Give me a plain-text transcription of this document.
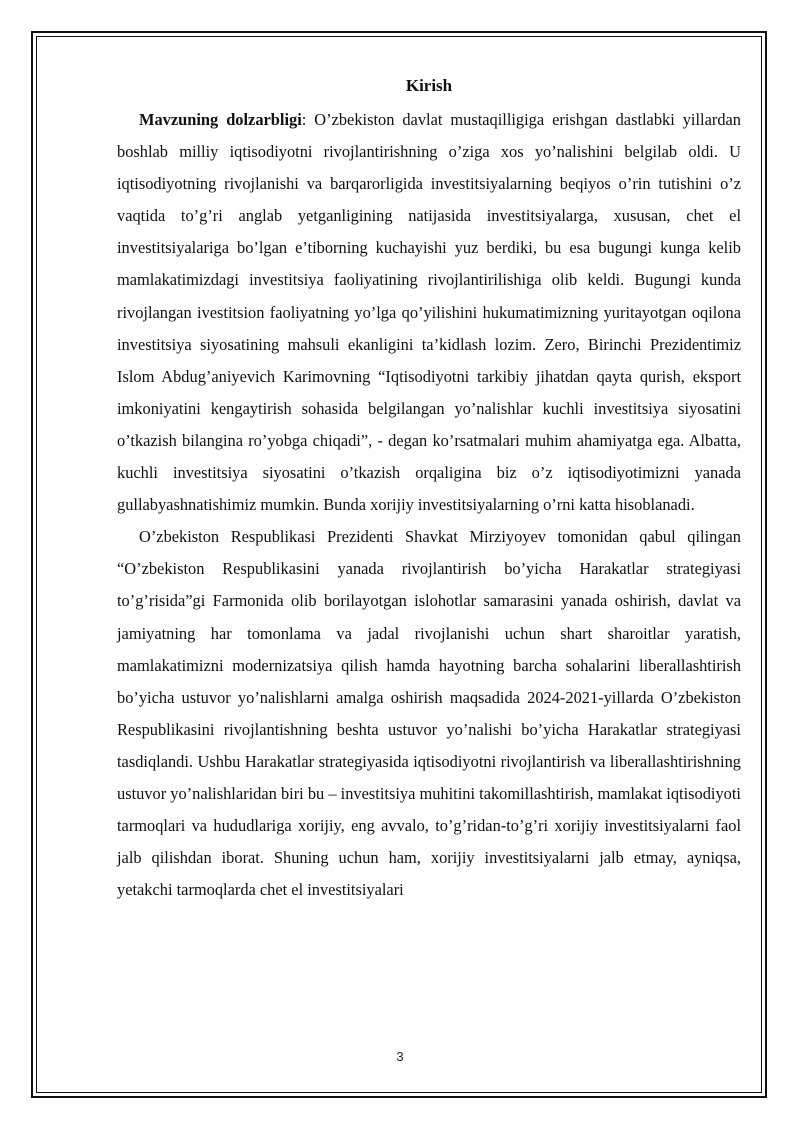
Kirish

Mavzuning dolzarbligi: O’zbekiston davlat mustaqilligiga erishgan dastlabki yillardan boshlab milliy iqtisodiyotni rivojlantirishning o’ziga xos yo’nalishini belgilab oldi. U iqtisodiyotning rivojlanishi va barqarorligida investitsiyalarning beqiyos o’rin tutishini o’z vaqtida to’g’ri anglab yetganligining natijasida investitsiyalarga, xususan, chet el investitsiyalariga bo’lgan e’tiborning kuchayishi yuz berdiki, bu esa bugungi kunga kelib mamlakatimizdagi investitsiya faoliyatining rivojlantirilishiga olib keldi. Bugungi kunda rivojlangan ivestitsion faoliyatning yo’lga qo’yilishini hukumatimizning yuritayotgan oqilona investitsiya siyosatining mahsuli ekanligini ta’kidlash lozim. Zero, Birinchi Prezidentimiz Islom Abdug’aniyevich Karimovning “Iqtisodiyotni tarkibiy jihatdan qayta qurish, eksport imkoniyatini kengaytirish sohasida belgilangan yo’nalishlar kuchli investitsiya siyosatini o’tkazish bilangina ro’yobga chiqadi”, - degan ko’rsatmalari muhim ahamiyatga ega. Albatta, kuchli investitsiya siyosatini o’tkazish orqaligina biz o’z iqtisodiyotimizni yanada gullabyashnatishimiz mumkin. Bunda xorijiy investitsiyalarning o’rni katta hisoblanadi.

O’zbekiston Respublikasi Prezidenti Shavkat Mirziyoyev tomonidan qabul qilingan “O’zbekiston Respublikasini yanada rivojlantirish bo’yicha Harakatlar strategiyasi to’g’risida”gi Farmonida olib borilayotgan islohotlar samarasini yanada oshirish, davlat va jamiyatning har tomonlama va jadal rivojlanishi uchun shart sharoitlar yaratish, mamlakatimizni modernizatsiya qilish hamda hayotning barcha sohalarini liberallashtirish bo’yicha ustuvor yo’nalishlarni amalga oshirish maqsadida 2024-2021-yillarda O’zbekiston Respublikasini rivojlantishning beshta ustuvor yo’nalishi bo’yicha Harakatlar strategiyasi tasdiqlandi. Ushbu Harakatlar strategiyasida iqtisodiyotni rivojlantirish va liberallashtirishning ustuvor yo’nalishlaridan biri bu – investitsiya muhitini takomillashtirish, mamlakat iqtisodiyoti tarmoqlari va hududlariga xorijiy, eng avvalo, to’g’ridan-to’g’ri xorijiy investitsiyalarni faol jalb qilishdan iborat. Shuning uchun ham, xorijiy investitsiyalarni jalb etmay, ayniqsa, yetakchi tarmoqlarda chet el investitsiyalari

3
